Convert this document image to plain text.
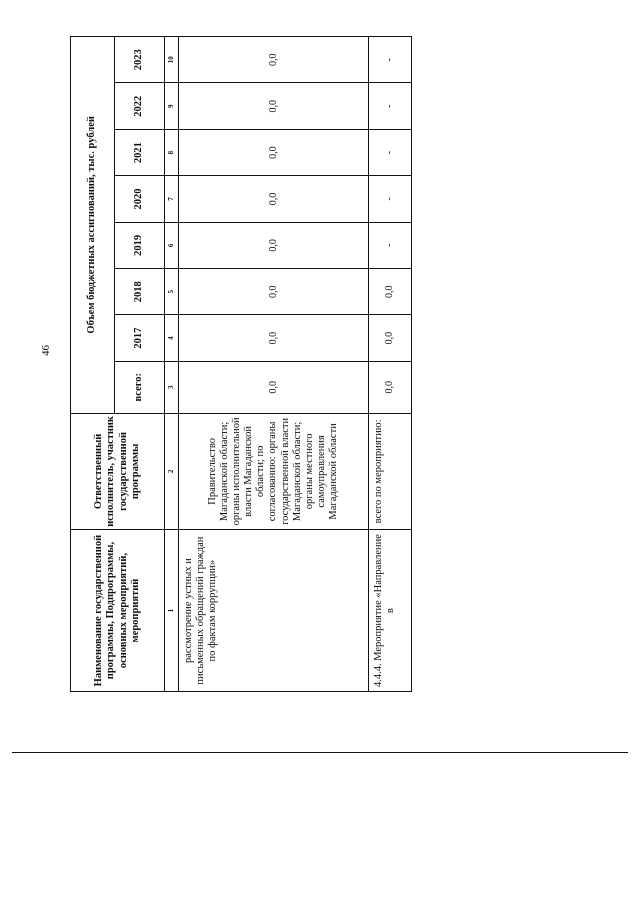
46
Наименование государственной программы, Подпрограммы, основных мероприятий, мероприятий	Ответственный исполнитель, участник государственной программы	Объем бюджетных ассигнований, тыс. рублей							
		всего:	2017	2018	2019	2020	2021	2022	2023
1	2	3	4	5	6	7	8	9	10
рассмотрение устных и письменных обращений граждан по фактам коррупции»	Правительство Магаданской области; органы исполнительной власти Магаданской области; по согласованию: органы государственной власти Магаданской области; органы местного самоуправления Магаданской области	0,0	0,0	0,0	0,0	0,0	0,0	0,0	0,0
4.4.4. Мероприятие «Направление в	всего по мероприятию:	0,0	0,0	0,0	-	-	-	-	-
